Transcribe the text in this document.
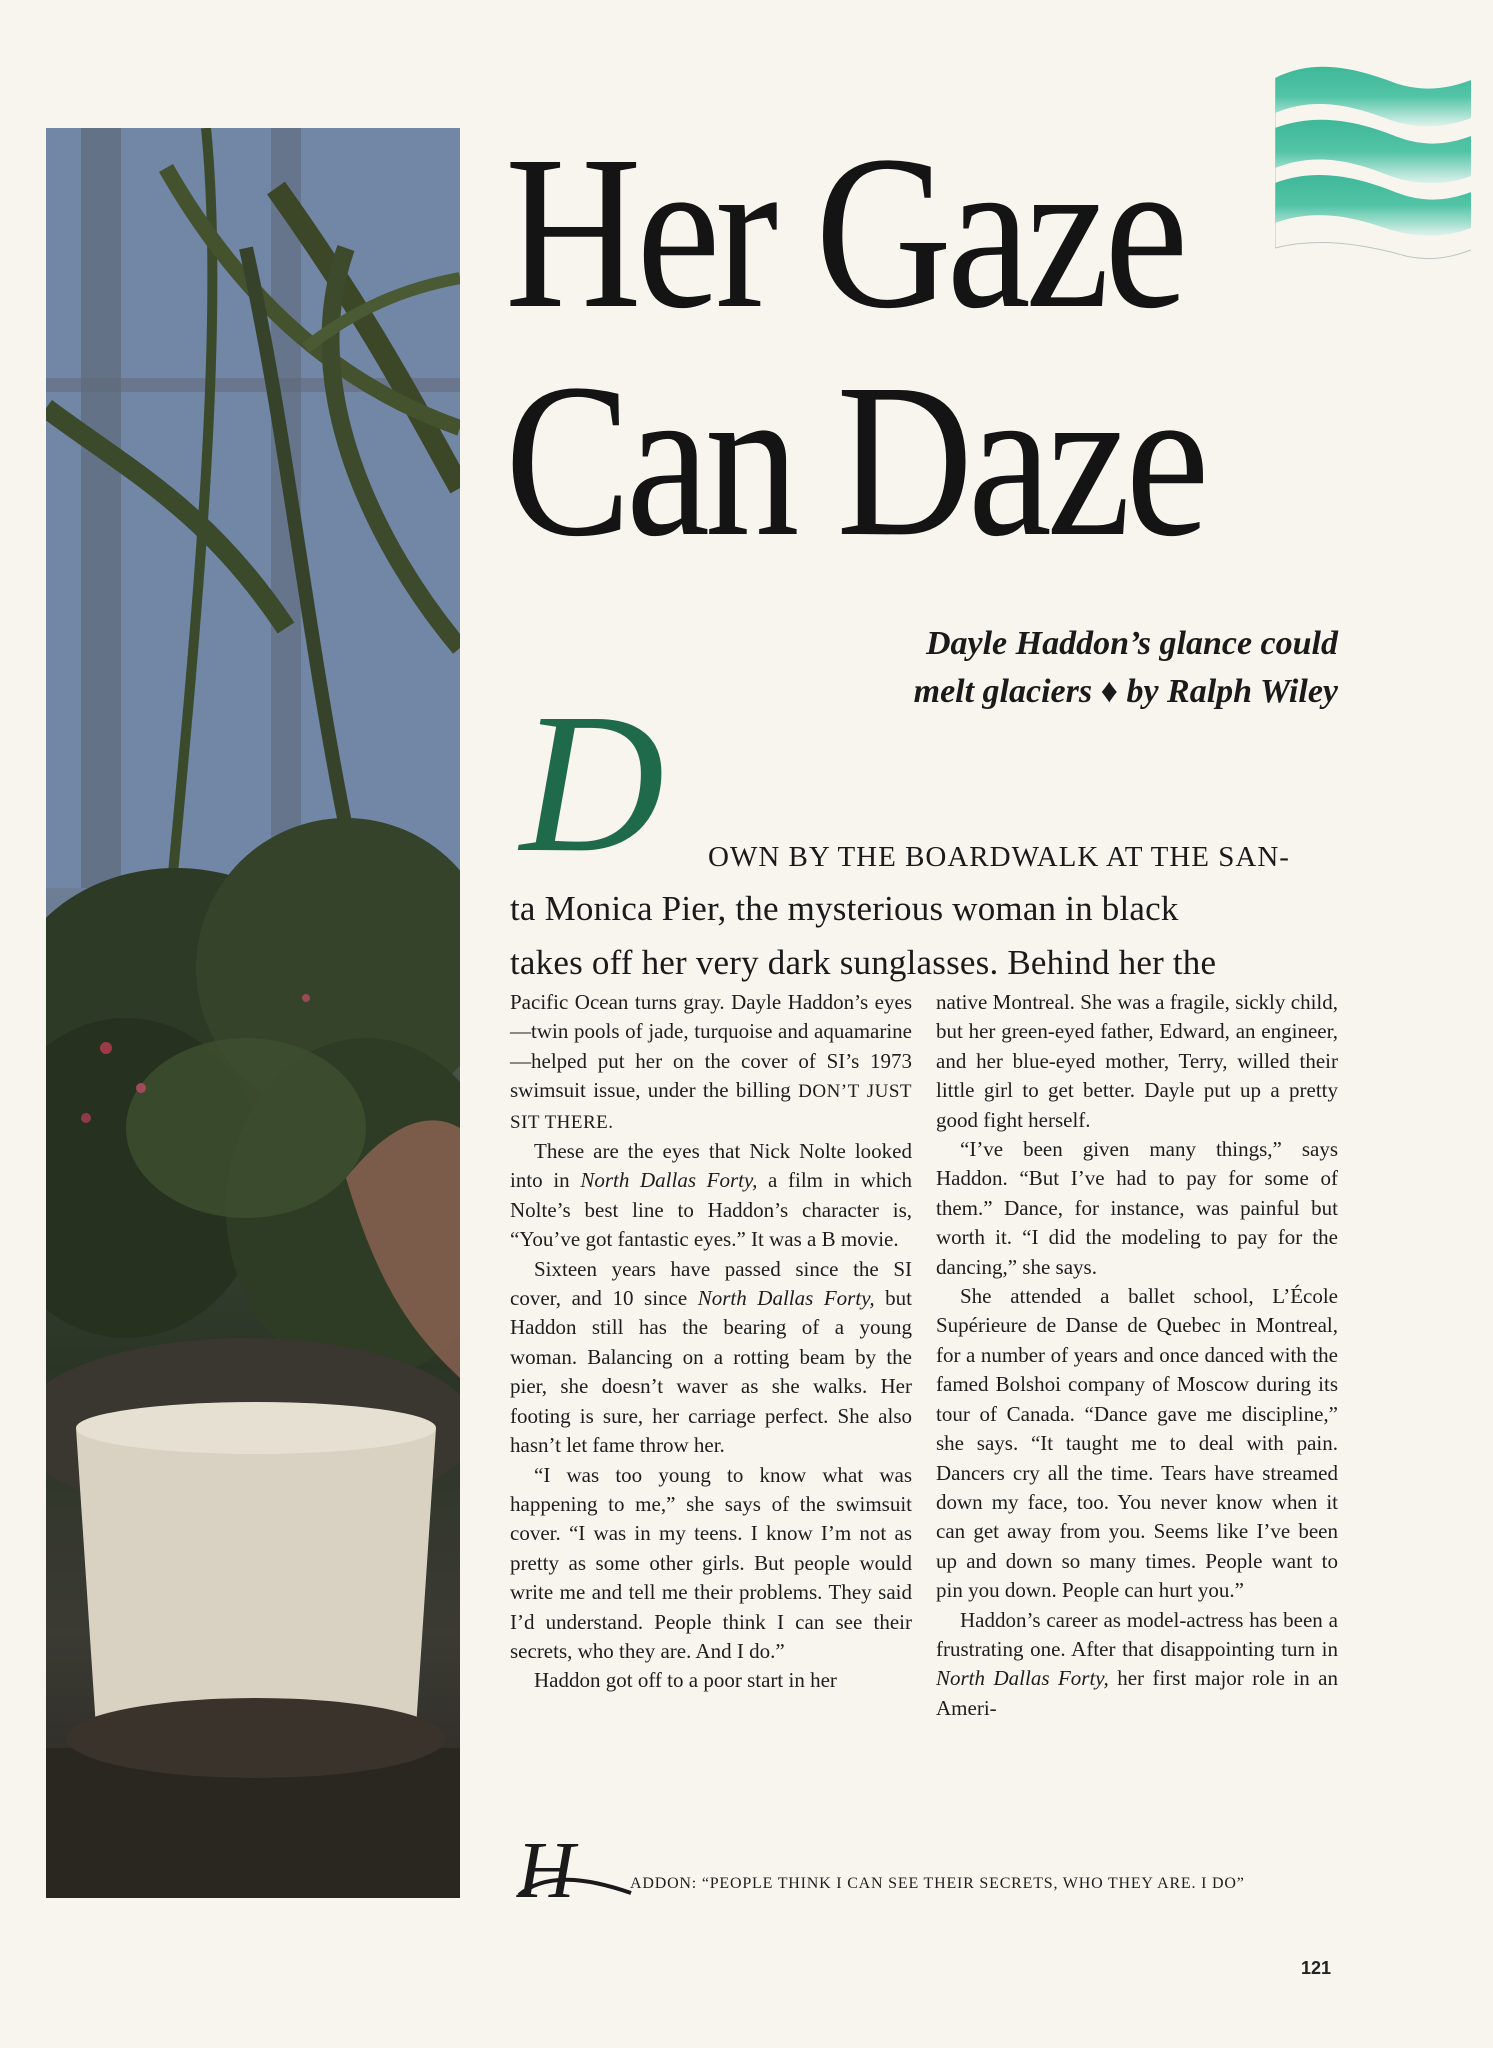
Her Gaze
Can Daze
Dayle Haddon’s glance could
melt glaciers ♦ by Ralph Wiley
D OWN BY THE BOARDWALK AT THE SAN-
ta Monica Pier, the mysterious woman in black
takes off her very dark sunglasses. Behind her the

Pacific Ocean turns gray. Dayle Haddon’s eyes—twin pools of jade, turquoise and aquamarine—helped put her on the cover of SI’s 1973 swimsuit issue, under the billing DON’T JUST SIT THERE.

These are the eyes that Nick Nolte looked into in North Dallas Forty, a film in which Nolte’s best line to Haddon’s character is, “You’ve got fantastic eyes.” It was a B movie.

Sixteen years have passed since the SI cover, and 10 since North Dallas Forty, but Haddon still has the bearing of a young woman. Balancing on a rotting beam by the pier, she doesn’t waver as she walks. Her footing is sure, her carriage perfect. She also hasn’t let fame throw her.

“I was too young to know what was happening to me,” she says of the swimsuit cover. “I was in my teens. I know I’m not as pretty as some other girls. But people would write me and tell me their problems. They said I’d understand. People think I can see their secrets, who they are. And I do.”

Haddon got off to a poor start in her

native Montreal. She was a fragile, sickly child, but her green-eyed father, Edward, an engineer, and her blue-eyed mother, Terry, willed their little girl to get better. Dayle put up a pretty good fight herself.

“I’ve been given many things,” says Haddon. “But I’ve had to pay for some of them.” Dance, for instance, was painful but worth it. “I did the modeling to pay for the dancing,” she says.

She attended a ballet school, L’École Supérieure de Danse de Quebec in Montreal, for a number of years and once danced with the famed Bolshoi company of Moscow during its tour of Canada. “Dance gave me discipline,” she says. “It taught me to deal with pain. Dancers cry all the time. Tears have streamed down my face, too. You never know when it can get away from you. Seems like I’ve been up and down so many times. People want to pin you down. People can hurt you.”

Haddon’s career as model-actress has been a frustrating one. After that disappointing turn in North Dallas Forty, her first major role in an Ameri-

H	ADDON: “PEOPLE THINK I CAN SEE THEIR SECRETS, WHO THEY ARE. I DO”
121
